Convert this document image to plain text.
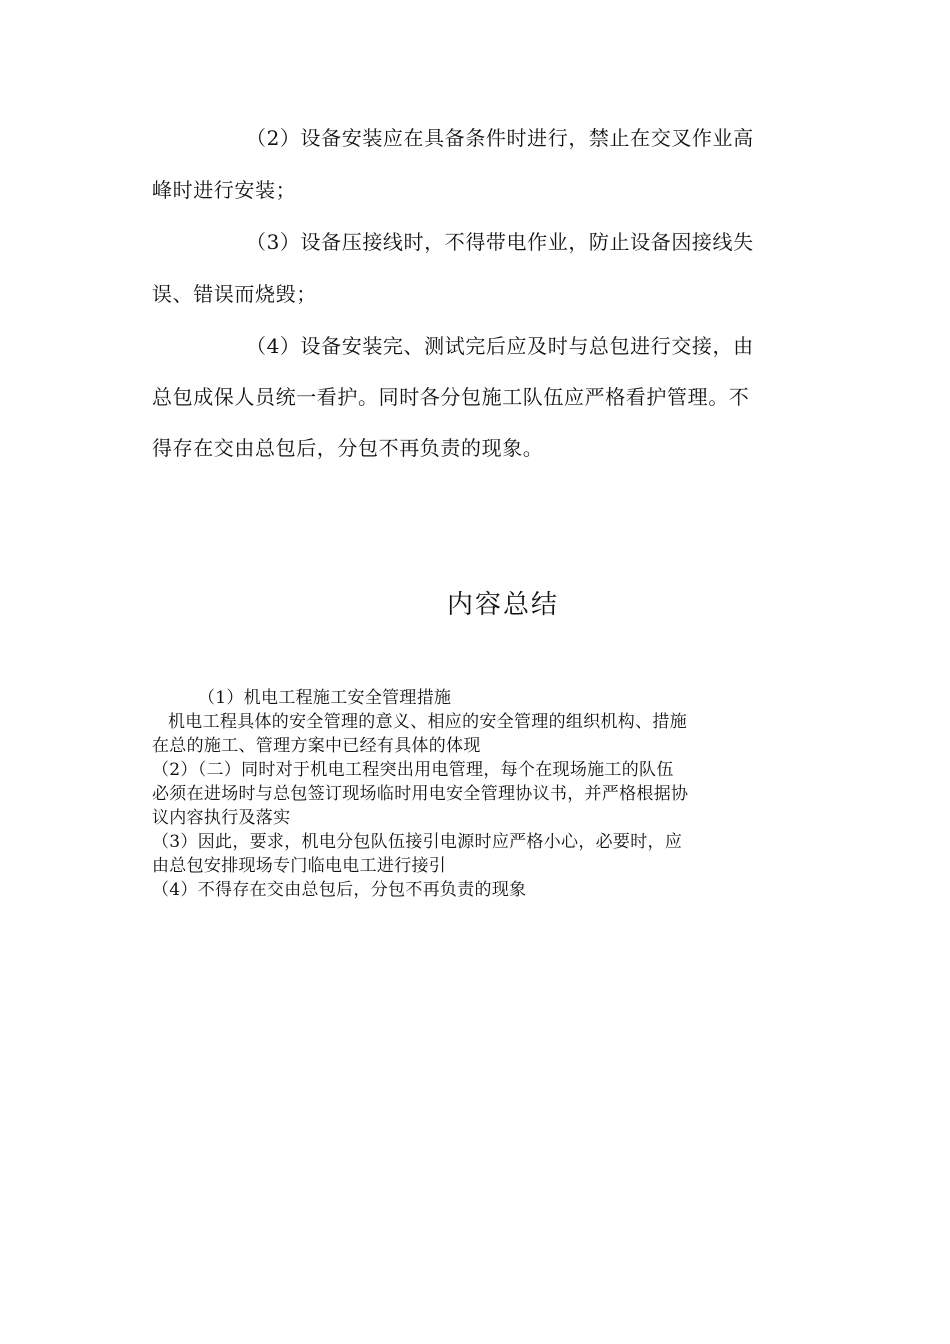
（2）设备安装应在具备条件时进行，禁止在交叉作业高
峰时进行安装；
（3）设备压接线时，不得带电作业，防止设备因接线失
误、错误而烧毁；
（4）设备安装完、测试完后应及时与总包进行交接，由
总包成保人员统一看护。同时各分包施工队伍应严格看护管理。不
得存在交由总包后，分包不再负责的现象。
内容总结
（1）机电工程施工安全管理措施
机电工程具体的安全管理的意义、相应的安全管理的组织机构、措施
在总的施工、管理方案中已经有具体的体现
（2）（二）同时对于机电工程突出用电管理，每个在现场施工的队伍
必须在进场时与总包签订现场临时用电安全管理协议书，并严格根据协
议内容执行及落实
（3）因此，要求，机电分包队伍接引电源时应严格小心，必要时，应
由总包安排现场专门临电电工进行接引
（4）不得存在交由总包后，分包不再负责的现象
